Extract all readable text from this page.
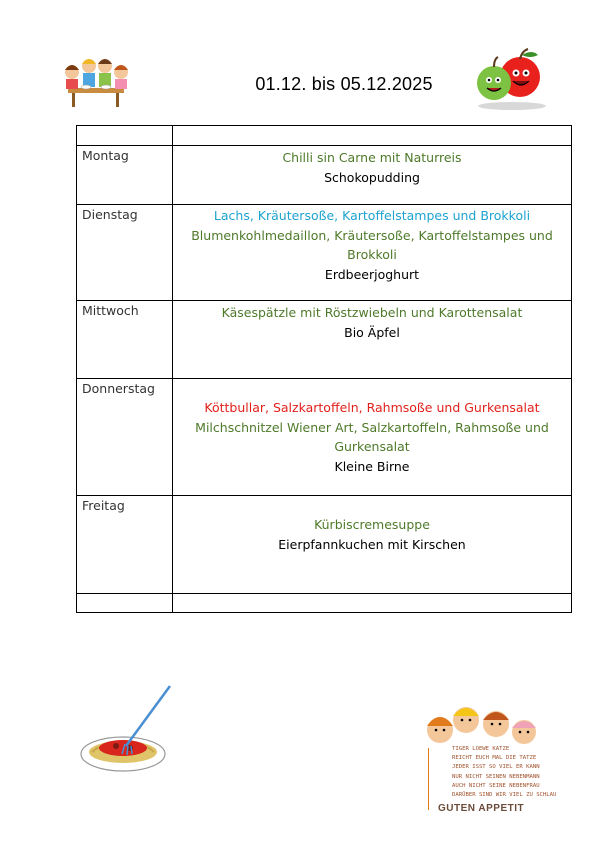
01.12. bis 05.12.2025

Montag	Chilli sin Carne mit Naturreis
Schokopudding

Dienstag	Lachs, Kräutersoße, Kartoffelstampes und Brokkoli
Blumenkohlmedaillon, Kräutersoße, Kartoffelstampes und Brokkoli
Erdbeerjoghurt

Mittwoch	Käsespätzle mit Röstzwiebeln und Karottensalat
Bio Äpfel

Donnerstag	Köttbullar, Salzkartoffeln, Rahmsoße und Gurkensalat
Milchschnitzel Wiener Art, Salzkartoffeln, Rahmsoße und Gurkensalat
Kleine Birne

Freitag	Kürbiscremesuppe
Eierpfannkuchen mit Kirschen

TIGER LOEWE KATZE
REICHT EUCH MAL DIE TATZE
JEDER ISST SO VIEL ER KANN
NUR NICHT SEINEN NEBENMANN
AUCH NICHT SEINE NEBENFRAU
DARÜBER SIND WIR VIEL ZU SCHLAU
GUTEN APPETIT
